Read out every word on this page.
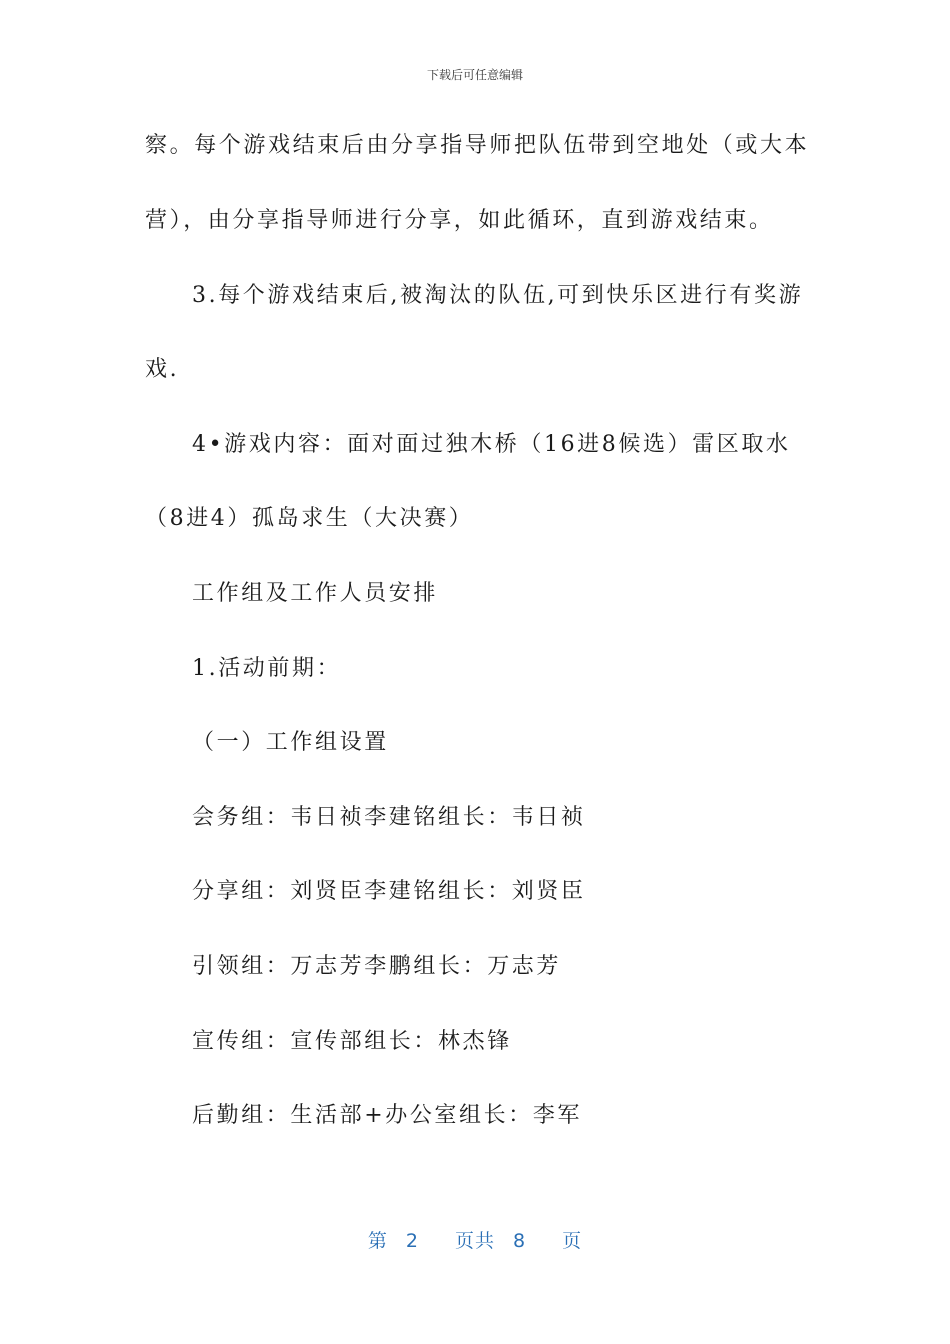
下载后可任意编辑
察。每个游戏结束后由分享指导师把队伍带到空地处（或大本
营），由分享指导师进行分享，如此循环，直到游戏结束。
3.每个游戏结束后,被淘汰的队伍,可到快乐区进行有奖游
戏.
4•游戏内容：面对面过独木桥（16进8候选）雷区取水
（8进4）孤岛求生（大决赛）
工作组及工作人员安排
1.活动前期：
（一）工作组设置
会务组：韦日祯李建铭组长：韦日祯
分享组：刘贤臣李建铭组长：刘贤臣
引领组：万志芳李鹏组长：万志芳
宣传组：宣传部组长：林杰锋
后勤组：生活部+办公室组长：李军
第 2 页共 8 页
